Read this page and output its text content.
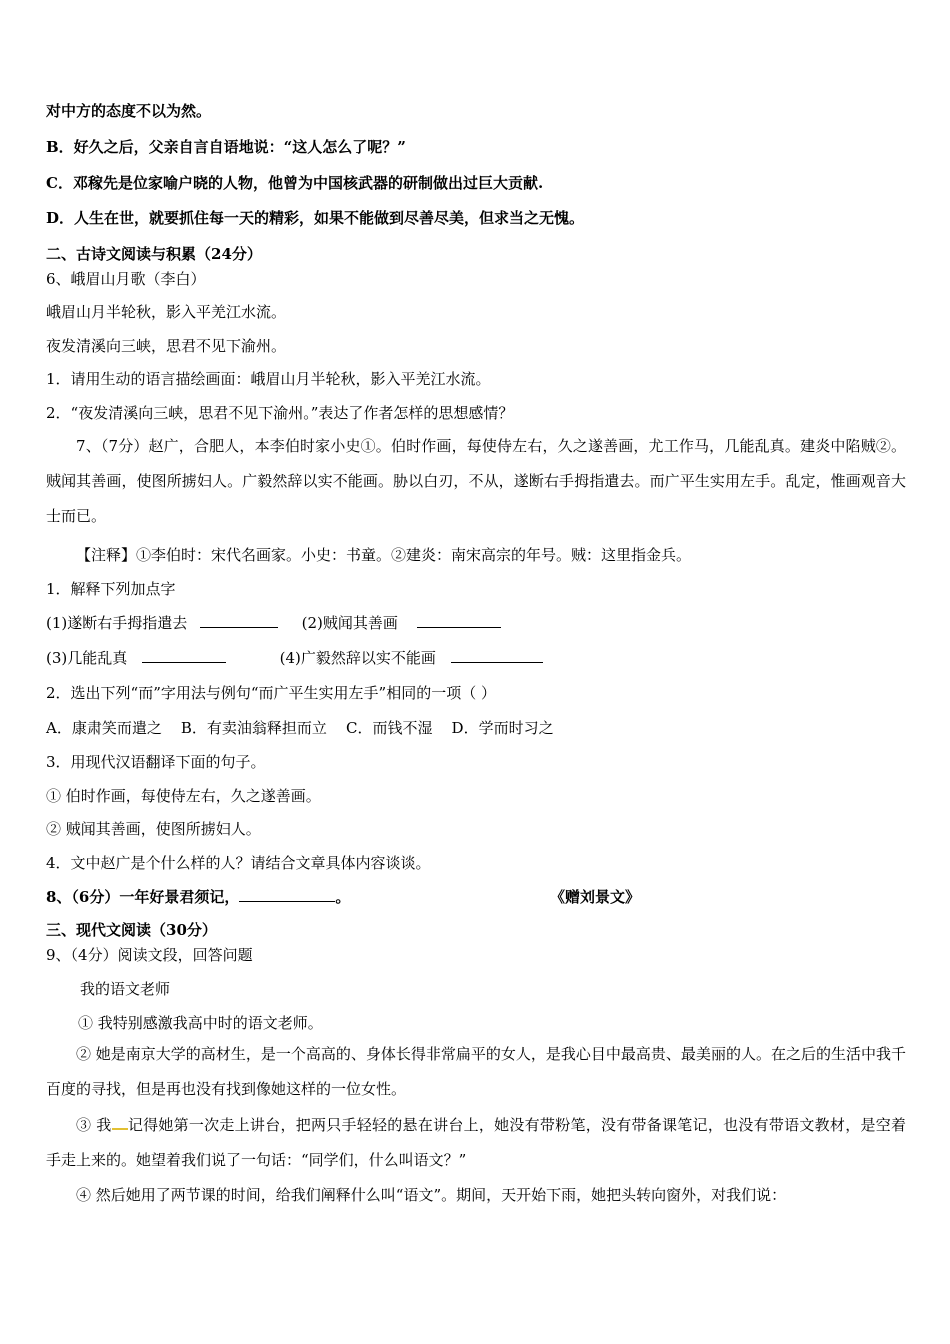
对中方的态度不以为然。
B．好久之后，父亲自言自语地说：“这人怎么了呢？”
C．邓稼先是位家喻户晓的人物，他曾为中国核武器的研制做出过巨大贡献.
D．人生在世，就要抓住每一天的精彩，如果不能做到尽善尽美，但求当之无愧。
二、古诗文阅读与积累（24分）
6、峨眉山月歌（李白）
峨眉山月半轮秋，影入平羌江水流。
夜发清溪向三峡，思君不见下渝州。
1．请用生动的语言描绘画面：峨眉山月半轮秋，影入平羌江水流。
2．“夜发清溪向三峡，思君不见下渝州。”表达了作者怎样的思想感情？
7、（7分）赵广，合肥人，本李伯时家小史①。伯时作画，每使侍左右，久之遂善画，尤工作马，几能乱真。建炎中陷贼②。贼闻其善画，使图所掳妇人。广毅然辞以实不能画。胁以白刃，不从，遂断右手拇指遣去。而广平生实用左手。乱定，惟画观音大士而已。
【注释】①李伯时：宋代名画家。小史：书童。②建炎：南宋高宗的年号。贼：这里指金兵。
1．解释下列加点字
(1)遂断右手拇指遣去	(2)贼闻其善画
(3)几能乱真	(4)广毅然辞以实不能画
2．选出下列“而”字用法与例句“而广平生实用左手”相同的一项（ ）
A．康肃笑而遣之    B．有卖油翁释担而立    C．而钱不湿    D．学而时习之
3．用现代汉语翻译下面的句子。
① 伯时作画，每使侍左右，久之遂善画。
② 贼闻其善画，使图所掳妇人。
4．文中赵广是个什么样的人？请结合文章具体内容谈谈。
8、（6分）一年好景君须记，	。	《赠刘景文》
三、现代文阅读（30分）
9、（4分）阅读文段，回答问题
我的语文老师
① 我特别感激我高中时的语文老师。
② 她是南京大学的高材生，是一个高高的、身体长得非常扁平的女人，是我心目中最高贵、最美丽的人。在之后的生活中我千百度的寻找，但是再也没有找到像她这样的一位女性。
③ 我 记得她第一次走上讲台，把两只手轻轻的悬在讲台上，她没有带粉笔，没有带备课笔记，也没有带语文教材，是空着手走上来的。她望着我们说了一句话：“同学们，什么叫语文？”
④ 然后她用了两节课的时间，给我们阐释什么叫“语文”。期间，天开始下雨，她把头转向窗外，对我们说：
